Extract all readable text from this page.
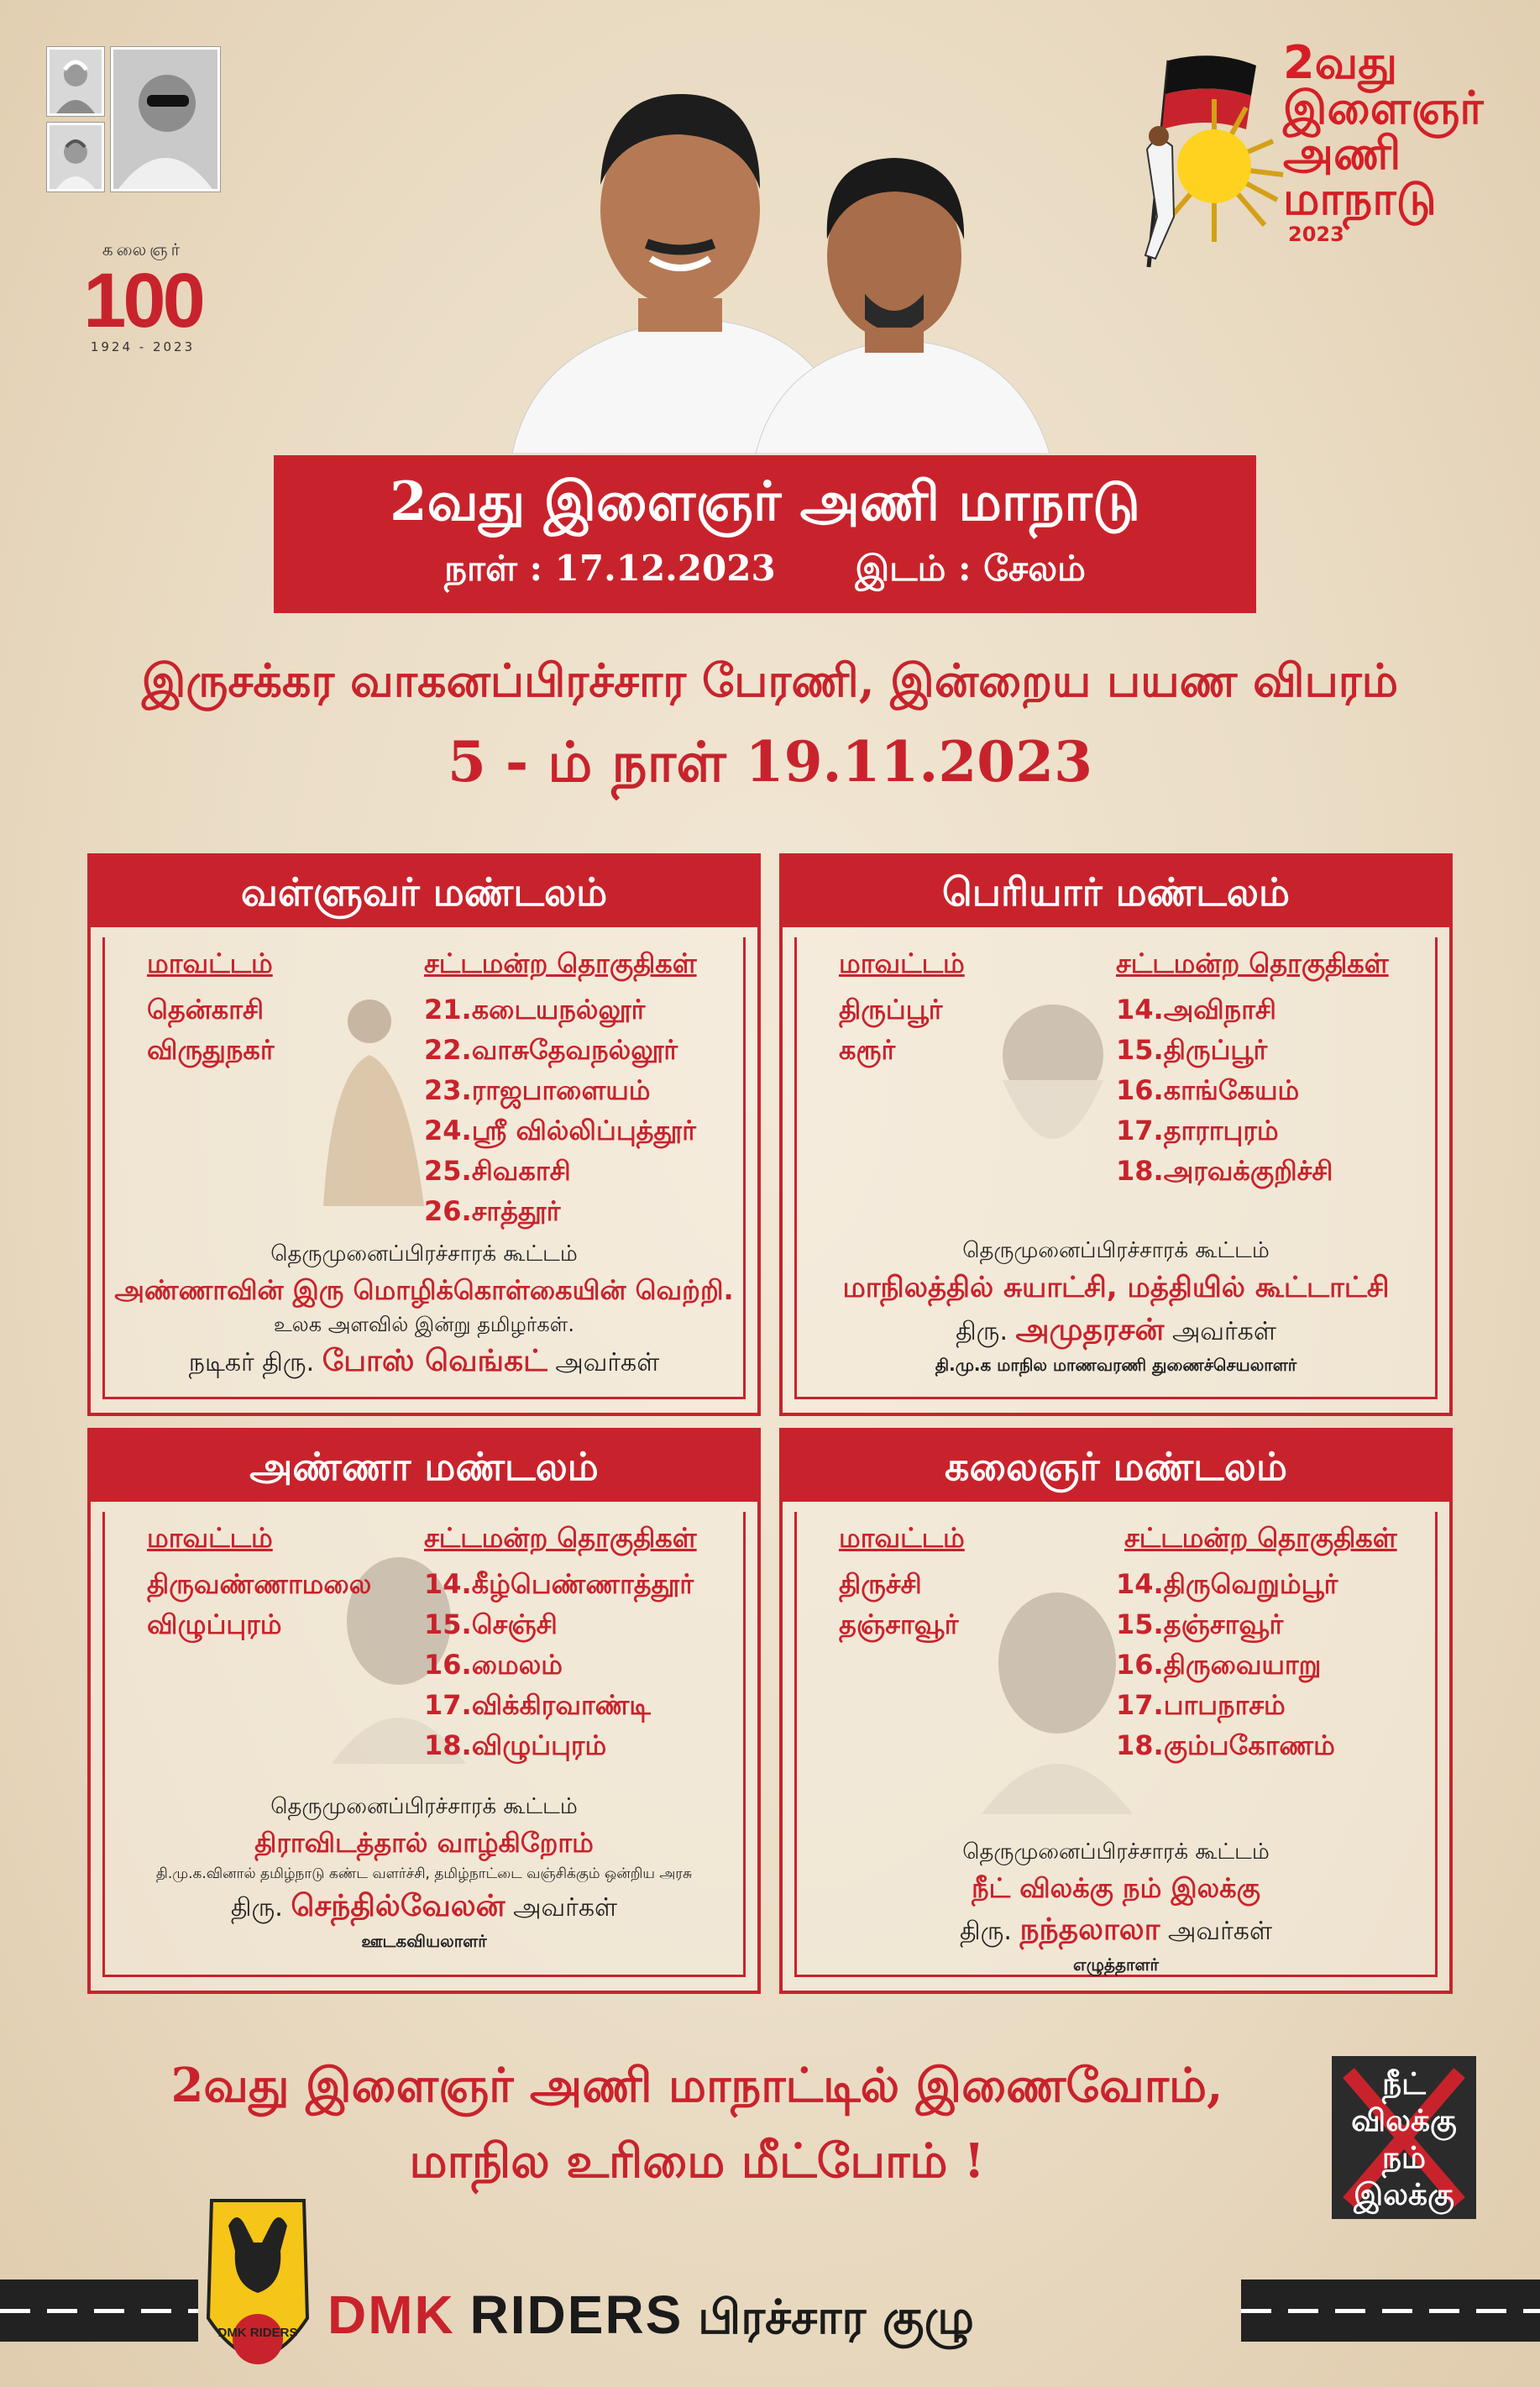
கலைஞர்
100
1924 - 2023
2வது
இளைஞர்
அணி
மாநாடு
2023
2வது இளைஞர் அணி மாநாடு
நாள் : 17.12.2023 இடம் : சேலம்
இருசக்கர வாகனப்பிரச்சார பேரணி, இன்றைய பயண விபரம்
5 - ம் நாள் 19.11.2023
வள்ளுவர் மண்டலம்
மாவட்டம்	சட்டமன்ற தொகுதிகள்
தென்காசி
விருதுநகர்
21.கடையநல்லூர்
22.வாசுதேவநல்லூர்
23.ராஜபாளையம்
24.ஸ்ரீ வில்லிப்புத்தூர்
25.சிவகாசி
26.சாத்தூர்
தெருமுனைப்பிரச்சாரக் கூட்டம்
அண்ணாவின் இரு மொழிக்கொள்கையின் வெற்றி.
உலக அளவில் இன்று தமிழர்கள்.
நடிகர் திரு. போஸ் வெங்கட் அவர்கள்
பெரியார் மண்டலம்
மாவட்டம்	சட்டமன்ற தொகுதிகள்
திருப்பூர்
கரூர்
14.அவிநாசி
15.திருப்பூர்
16.காங்கேயம்
17.தாராபுரம்
18.அரவக்குறிச்சி
தெருமுனைப்பிரச்சாரக் கூட்டம்
மாநிலத்தில் சுயாட்சி, மத்தியில் கூட்டாட்சி
திரு. அமுதரசன் அவர்கள்
தி.மு.க மாநில மாணவரணி துணைச்செயலாளர்
அண்ணா மண்டலம்
மாவட்டம்	சட்டமன்ற தொகுதிகள்
திருவண்ணாமலை
விழுப்புரம்
14.கீழ்பெண்ணாத்தூர்
15.செஞ்சி
16.மைலம்
17.விக்கிரவாண்டி
18.விழுப்புரம்
தெருமுனைப்பிரச்சாரக் கூட்டம்
திராவிடத்தால் வாழ்கிறோம்
தி.மு.க.வினால் தமிழ்நாடு கண்ட வளர்ச்சி, தமிழ்நாட்டை வஞ்சிக்கும் ஒன்றிய அரசு
திரு. செந்தில்வேலன் அவர்கள்
ஊடகவியலாளர்
கலைஞர் மண்டலம்
மாவட்டம்	சட்டமன்ற தொகுதிகள்
திருச்சி
தஞ்சாவூர்
14.திருவெறும்பூர்
15.தஞ்சாவூர்
16.திருவையாறு
17.பாபநாசம்
18.கும்பகோணம்
தெருமுனைப்பிரச்சாரக் கூட்டம்
நீட் விலக்கு நம் இலக்கு
திரு. நந்தலாலா அவர்கள்
எழுத்தாளர்
2வது இளைஞர் அணி மாநாட்டில் இணைவோம்,
மாநில உரிமை மீட்போம் !
நீட்
விலக்கு
நம்
இலக்கு
DMK RIDERS DMK RIDERS பிரச்சார குழு
